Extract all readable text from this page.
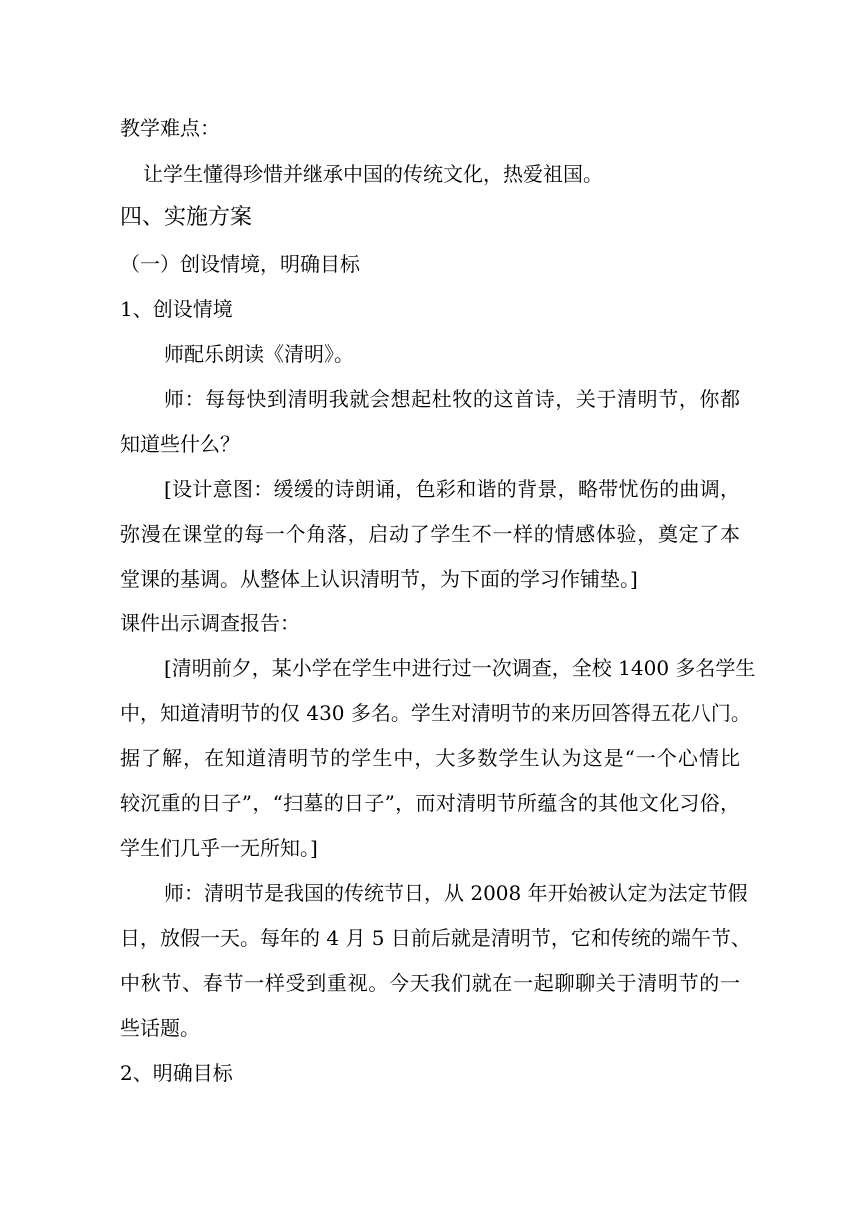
教学难点：
让学生懂得珍惜并继承中国的传统文化，热爱祖国。
四、实施方案
（一）创设情境，明确目标
1、创设情境
师配乐朗读《清明》。
师：每每快到清明我就会想起杜牧的这首诗，关于清明节，你都
知道些什么？
[设计意图：缓缓的诗朗诵，色彩和谐的背景，略带忧伤的曲调，
弥漫在课堂的每一个角落，启动了学生不一样的情感体验，奠定了本
堂课的基调。从整体上认识清明节，为下面的学习作铺垫。]
课件出示调查报告：
[清明前夕，某小学在学生中进行过一次调查，全校 1400 多名学生
中，知道清明节的仅 430 多名。学生对清明节的来历回答得五花八门。
据了解，在知道清明节的学生中，大多数学生认为这是“一个心情比
较沉重的日子”，“扫墓的日子”，而对清明节所蕴含的其他文化习俗，
学生们几乎一无所知。]
师：清明节是我国的传统节日，从 2008 年开始被认定为法定节假
日，放假一天。每年的 4 月 5 日前后就是清明节，它和传统的端午节、
中秋节、春节一样受到重视。今天我们就在一起聊聊关于清明节的一
些话题。
2、明确目标
